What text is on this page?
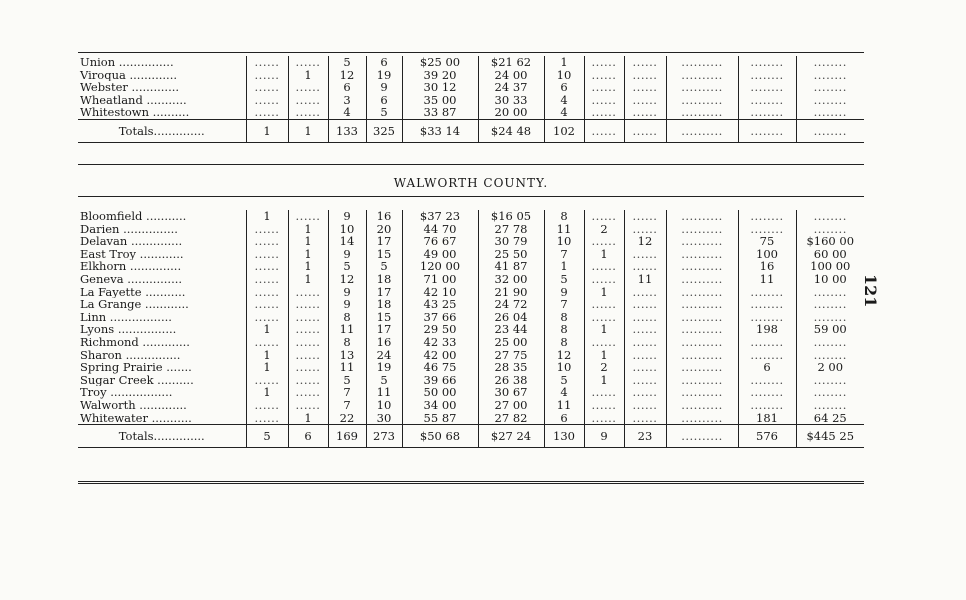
121
Union ...............	......	......	5	6	$25 00	$21 62	1	......	......	..........	........	........
Viroqua .............	......	1	12	19	39 20	24 00	10	......	......	..........	........	........
Webster .............	......	......	6	9	30 12	24 37	6	......	......	..........	........	........
Wheatland ...........	......	......	3	6	35 00	30 33	4	......	......	..........	........	........
Whitestown ..........	......	......	4	5	33 87	20 00	4	......	......	..........	........	........
Totals..............	1	1	133	325	$33 14	$24 48	102	......	......	..........	........	........
WALWORTH COUNTY.
Bloomfield ...........	1	......	9	16	$37 23	$16 05	8	......	......	..........	........	........
Darien ...............	......	1	10	20	44 70	27 78	11	2	......	..........	........	........
Delavan ..............	......	1	14	17	76 67	30 79	10	......	12	..........	75	$160 00
East Troy ............	......	1	9	15	49 00	25 50	7	1	......	..........	100	60 00
Elkhorn ..............	......	1	5	5	120 00	41 87	1	......	......	..........	16	100 00
Geneva ...............	......	1	12	18	71 00	32 00	5	......	11	..........	11	10 00
La Fayette ...........	......	......	9	17	42 10	21 90	9	1	......	..........	........	........
La Grange ............	......	......	9	18	43 25	24 72	7	......	......	..........	........	........
Linn .................	......	......	8	15	37 66	26 04	8	......	......	..........	........	........
Lyons ................	1	......	11	17	29 50	23 44	8	1	......	..........	198	59 00
Richmond .............	......	......	8	16	42 33	25 00	8	......	......	..........	........	........
Sharon ...............	1	......	13	24	42 00	27 75	12	1	......	..........	........	........
Spring Prairie .......	1	......	11	19	46 75	28 35	10	2	......	..........	6	2 00
Sugar Creek ..........	......	......	5	5	39 66	26 38	5	1	......	..........	........	........
Troy .................	1	......	7	11	50 00	30 67	4	......	......	..........	........	........
Walworth .............	......	......	7	10	34 00	27 00	11	......	......	..........	........	........
Whitewater ...........	......	1	22	30	55 87	27 82	6	......	......	..........	181	64 25
Totals..............	5	6	169	273	$50 68	$27 24	130	9	23	..........	576	$445 25
